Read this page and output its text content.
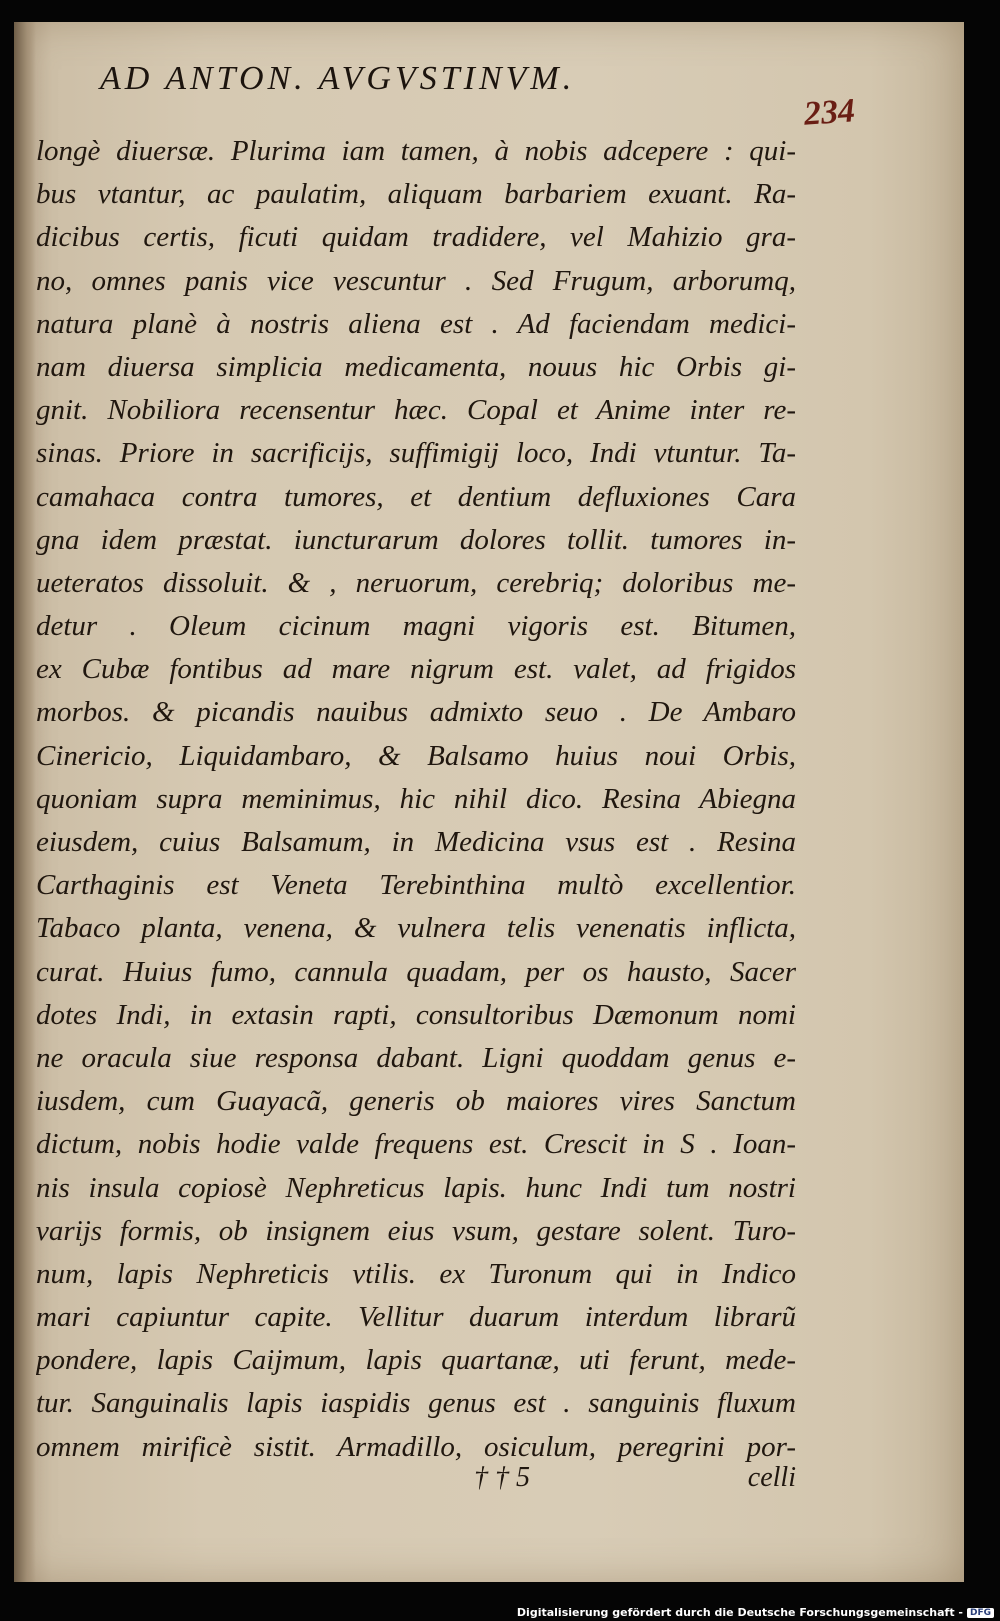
AD ANTON. AVGVSTINVM.
234
longè diuersæ. Plurima iam tamen, à nobis adcepere : qui-
bus vtantur, ac paulatim, aliquam barbariem exuant. Ra-
dicibus certis, ficuti quidam tradidere, vel Mahizio gra-
no, omnes panis vice vescuntur . Sed Frugum, arborumq,
natura planè à nostris aliena est . Ad faciendam medici-
nam diuersa simplicia medicamenta, nouus hic Orbis gi-
gnit. Nobiliora recensentur hæc. Copal et Anime inter re-
sinas. Priore in sacrificijs, suffimigij loco, Indi vtuntur. Ta-
camahaca contra tumores, et dentium defluxiones Cara
gna idem præstat. iuncturarum dolores tollit. tumores in-
ueteratos dissoluit. & , neruorum, cerebriq; doloribus me-
detur . Oleum cicinum magni vigoris est. Bitumen,
ex Cubæ fontibus ad mare nigrum est. valet, ad frigidos
morbos. & picandis nauibus admixto seuo . De Ambaro
Cinericio, Liquidambaro, & Balsamo huius noui Orbis,
quoniam supra meminimus, hic nihil dico. Resina Abiegna
eiusdem, cuius Balsamum, in Medicina vsus est . Resina
Carthaginis est Veneta Terebinthina multò excellentior.
Tabaco planta, venena, & vulnera telis venenatis inflicta,
curat. Huius fumo, cannula quadam, per os hausto, Sacer
dotes Indi, in extasin rapti, consultoribus Dæmonum nomi
ne oracula siue responsa dabant. Ligni quoddam genus e-
iusdem, cum Guayacã, generis ob maiores vires Sanctum
dictum, nobis hodie valde frequens est. Crescit in S . Ioan-
nis insula copiosè Nephreticus lapis. hunc Indi tum nostri
varijs formis, ob insignem eius vsum, gestare solent. Turo-
num, lapis Nephreticis vtilis. ex Turonum qui in Indico
mari capiuntur capite. Vellitur duarum interdum librarũ
pondere, lapis Caijmum, lapis quartanæ, uti ferunt, mede-
tur. Sanguinalis lapis iaspidis genus est . sanguinis fluxum
omnem mirificè sistit. Armadillo, osiculum, peregrini por-
† † 5	celli
Digitalisierung gefördert durch die Deutsche Forschungsgemeinschaft - DFG
